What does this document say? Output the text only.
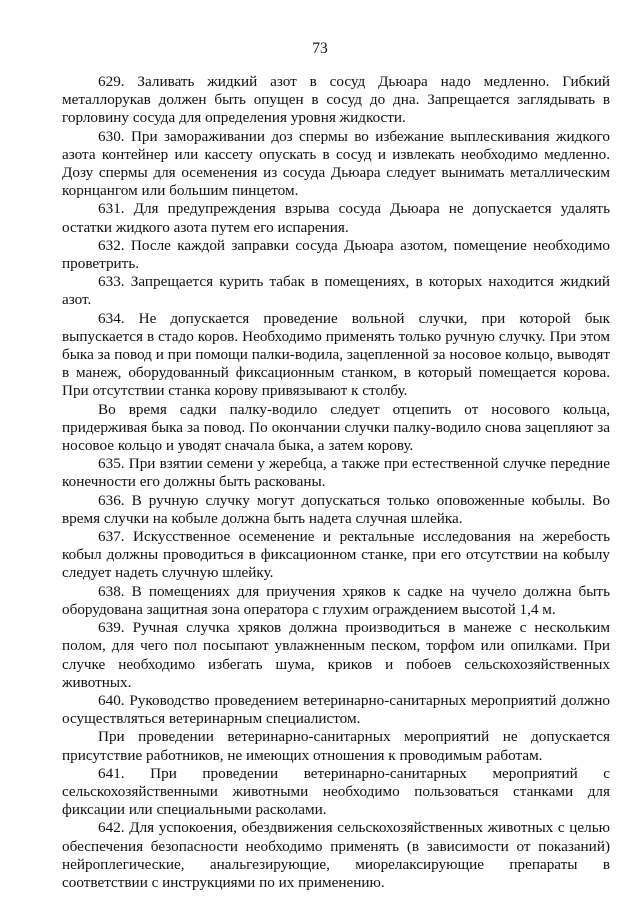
73

629. Заливать жидкий азот в сосуд Дьюара надо медленно. Гибкий металлорукав должен быть опущен в сосуд до дна. Запрещается заглядывать в горловину сосуда для определения уровня жидкости.

630. При замораживании доз спермы во избежание выплескивания жидкого азота контейнер или кассету опускать в сосуд и извлекать необходимо медленно. Дозу спермы для осеменения из сосуда Дьюара следует вынимать металлическим корнцангом или большим пинцетом.

631. Для предупреждения взрыва сосуда Дьюара не допускается удалять остатки жидкого азота путем его испарения.

632. После каждой заправки сосуда Дьюара азотом, помещение необходимо проветрить.

633. Запрещается курить табак в помещениях, в которых находится жидкий азот.

634. Не допускается проведение вольной случки, при которой бык выпускается в стадо коров. Необходимо применять только ручную случку. При этом быка за повод и при помощи палки-водила, зацепленной за носовое кольцо, выводят в манеж, оборудованный фиксационным станком, в который помещается корова. При отсутствии станка корову привязывают к столбу.

Во время садки палку-водило следует отцепить от носового кольца, придерживая быка за повод. По окончании случки палку-водило снова зацепляют за носовое кольцо и уводят сначала быка, а затем корову.

635. При взятии семени у жеребца, а также при естественной случке передние конечности его должны быть раскованы.

636. В ручную случку могут допускаться только оповоженные кобылы. Во время случки на кобыле должна быть надета случная шлейка.

637. Искусственное осеменение и ректальные исследования на жеребость кобыл должны проводиться в фиксационном станке, при его отсутствии на кобылу следует надеть случную шлейку.

638. В помещениях для приучения хряков к садке на чучело должна быть оборудована защитная зона оператора с глухим ограждением высотой 1,4 м.

639. Ручная случка хряков должна производиться в манеже с нескольким полом, для чего пол посыпают увлажненным песком, торфом или опилками. При случке необходимо избегать шума, криков и побоев сельскохозяйственных животных.

640. Руководство проведением ветеринарно-санитарных мероприятий должно осуществляться ветеринарным специалистом.

При проведении ветеринарно-санитарных мероприятий не допускается присутствие работников, не имеющих отношения к проводимым работам.

641. При проведении ветеринарно-санитарных мероприятий с сельскохозяйственными животными необходимо пользоваться станками для фиксации или специальными расколами.

642. Для успокоения, обездвижения сельскохозяйственных животных с целью обеспечения безопасности необходимо применять (в зависимости от показаний) нейроплегические, анальгезирующие, миорелаксирующие препараты в соответствии с инструкциями по их применению.
